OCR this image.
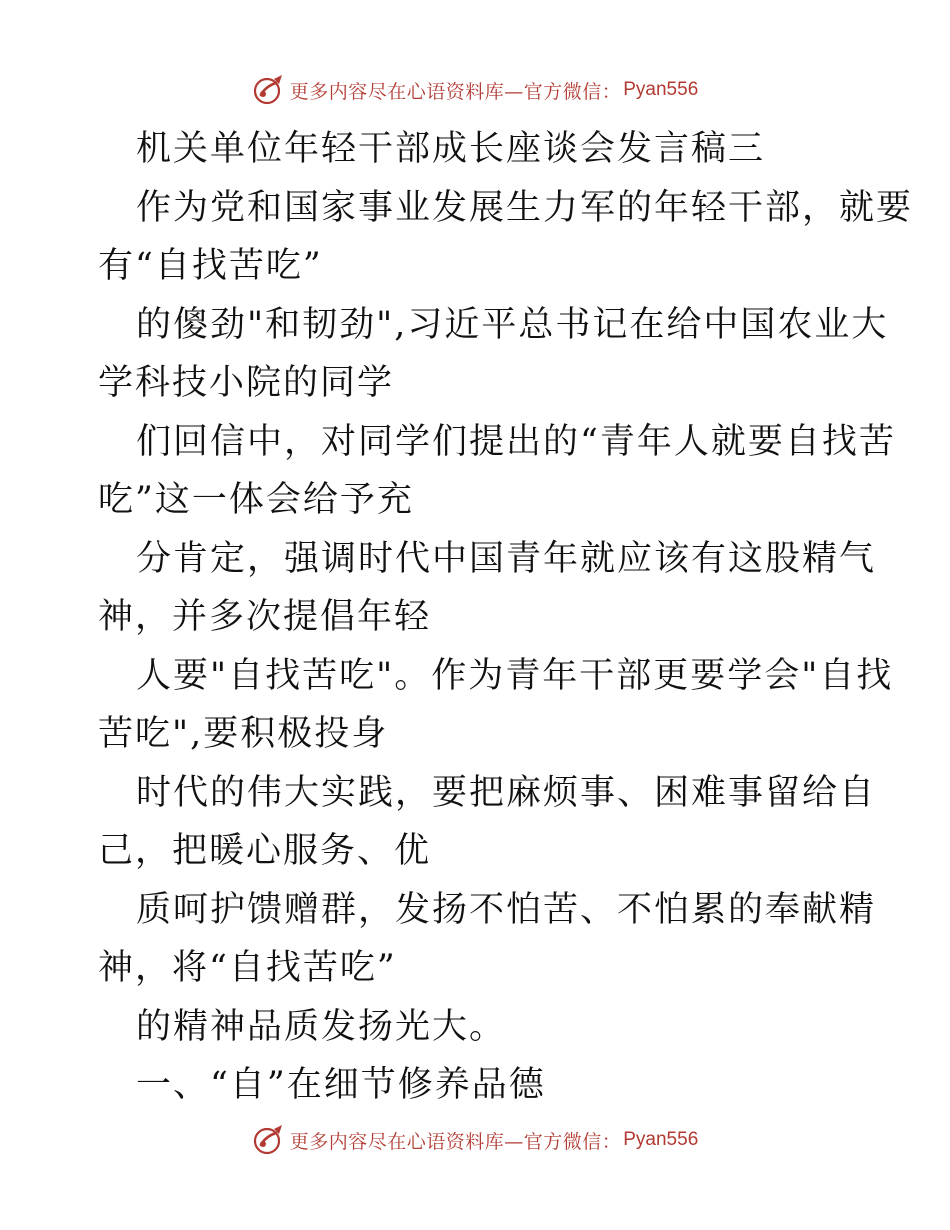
更多内容尽在心语资料库—官方微信： Pyan556
机关单位年轻干部成长座谈会发言稿三
作为党和国家事业发展生力军的年轻干部，就要
有“自找苦吃”
的傻劲"和韧劲",习近平总书记在给中国农业大
学科技小院的同学
们回信中，对同学们提出的“青年人就要自找苦
吃”这一体会给予充
分肯定，强调时代中国青年就应该有这股精气
神，并多次提倡年轻
人要"自找苦吃"。作为青年干部更要学会"自找
苦吃",要积极投身
时代的伟大实践，要把麻烦事、困难事留给自
己，把暖心服务、优
质呵护馈赠群，发扬不怕苦、不怕累的奉献精
神，将“自找苦吃”
的精神品质发扬光大。
一、“自”在细节修养品德
更多内容尽在心语资料库—官方微信： Pyan556
